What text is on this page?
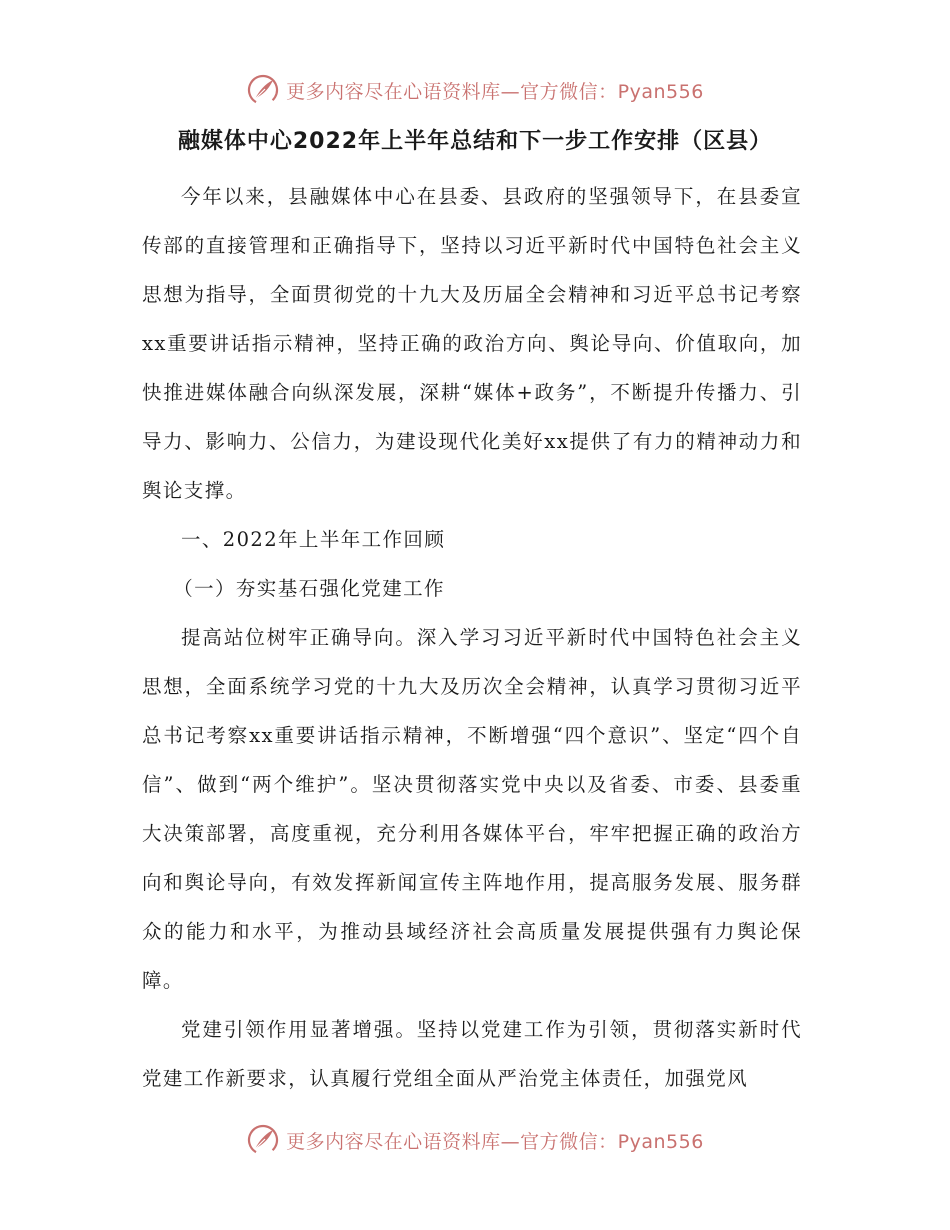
更多内容尽在心语资料库—官方微信：Pyan556
融媒体中心2022年上半年总结和下一步工作安排（区县）

今年以来，县融媒体中心在县委、县政府的坚强领导下，在县委宣传部的直接管理和正确指导下，坚持以习近平新时代中国特色社会主义思想为指导，全面贯彻党的十九大及历届全会精神和习近平总书记考察xx重要讲话指示精神，坚持正确的政治方向、舆论导向、价值取向，加快推进媒体融合向纵深发展，深耕“媒体+政务”，不断提升传播力、引导力、影响力、公信力，为建设现代化美好xx提供了有力的精神动力和舆论支撑。

一、2022年上半年工作回顾

（一）夯实基石强化党建工作

提高站位树牢正确导向。深入学习习近平新时代中国特色社会主义思想，全面系统学习党的十九大及历次全会精神，认真学习贯彻习近平总书记考察xx重要讲话指示精神，不断增强“四个意识”、坚定“四个自信”、做到“两个维护”。坚决贯彻落实党中央以及省委、市委、县委重大决策部署，高度重视，充分利用各媒体平台，牢牢把握正确的政治方向和舆论导向，有效发挥新闻宣传主阵地作用，提高服务发展、服务群众的能力和水平，为推动县域经济社会高质量发展提供强有力舆论保障。

党建引领作用显著增强。坚持以党建工作为引领，贯彻落实新时代党建工作新要求，认真履行党组全面从严治党主体责任，加强党风

更多内容尽在心语资料库—官方微信：Pyan556
